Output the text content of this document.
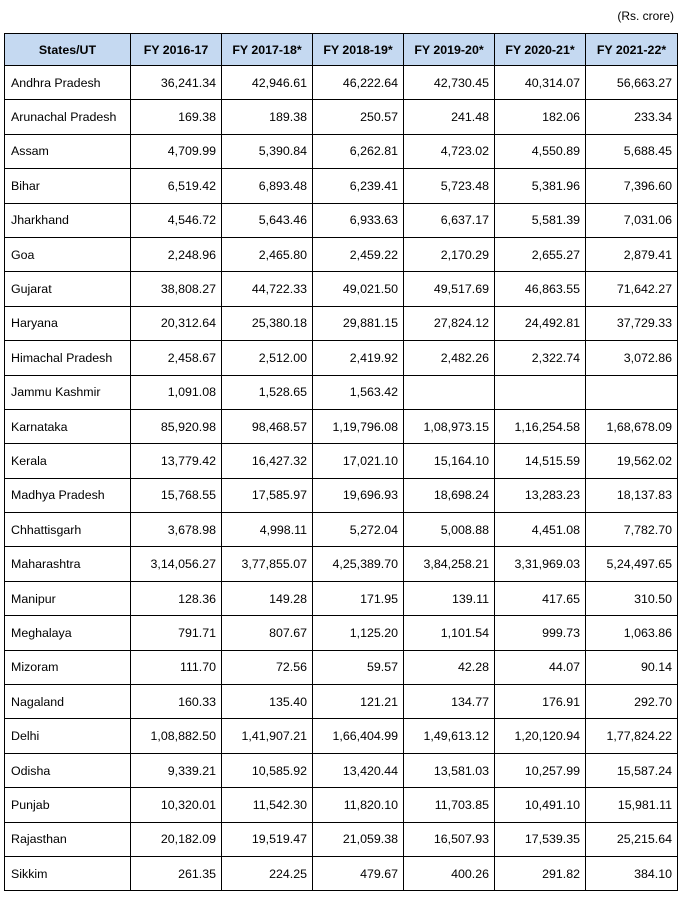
(Rs. crore)
States/UT	FY 2016-17	FY 2017-18*	FY 2018-19*	FY 2019-20*	FY 2020-21*	FY 2021-22*
Andhra Pradesh	36,241.34	42,946.61	46,222.64	42,730.45	40,314.07	56,663.27
Arunachal Pradesh	169.38	189.38	250.57	241.48	182.06	233.34
Assam	4,709.99	5,390.84	6,262.81	4,723.02	4,550.89	5,688.45
Bihar	6,519.42	6,893.48	6,239.41	5,723.48	5,381.96	7,396.60
Jharkhand	4,546.72	5,643.46	6,933.63	6,637.17	5,581.39	7,031.06
Goa	2,248.96	2,465.80	2,459.22	2,170.29	2,655.27	2,879.41
Gujarat	38,808.27	44,722.33	49,021.50	49,517.69	46,863.55	71,642.27
Haryana	20,312.64	25,380.18	29,881.15	27,824.12	24,492.81	37,729.33
Himachal Pradesh	2,458.67	2,512.00	2,419.92	2,482.26	2,322.74	3,072.86
Jammu Kashmir	1,091.08	1,528.65	1,563.42			
Karnataka	85,920.98	98,468.57	1,19,796.08	1,08,973.15	1,16,254.58	1,68,678.09
Kerala	13,779.42	16,427.32	17,021.10	15,164.10	14,515.59	19,562.02
Madhya Pradesh	15,768.55	17,585.97	19,696.93	18,698.24	13,283.23	18,137.83
Chhattisgarh	3,678.98	4,998.11	5,272.04	5,008.88	4,451.08	7,782.70
Maharashtra	3,14,056.27	3,77,855.07	4,25,389.70	3,84,258.21	3,31,969.03	5,24,497.65
Manipur	128.36	149.28	171.95	139.11	417.65	310.50
Meghalaya	791.71	807.67	1,125.20	1,101.54	999.73	1,063.86
Mizoram	111.70	72.56	59.57	42.28	44.07	90.14
Nagaland	160.33	135.40	121.21	134.77	176.91	292.70
Delhi	1,08,882.50	1,41,907.21	1,66,404.99	1,49,613.12	1,20,120.94	1,77,824.22
Odisha	9,339.21	10,585.92	13,420.44	13,581.03	10,257.99	15,587.24
Punjab	10,320.01	11,542.30	11,820.10	11,703.85	10,491.10	15,981.11
Rajasthan	20,182.09	19,519.47	21,059.38	16,507.93	17,539.35	25,215.64
Sikkim	261.35	224.25	479.67	400.26	291.82	384.10
